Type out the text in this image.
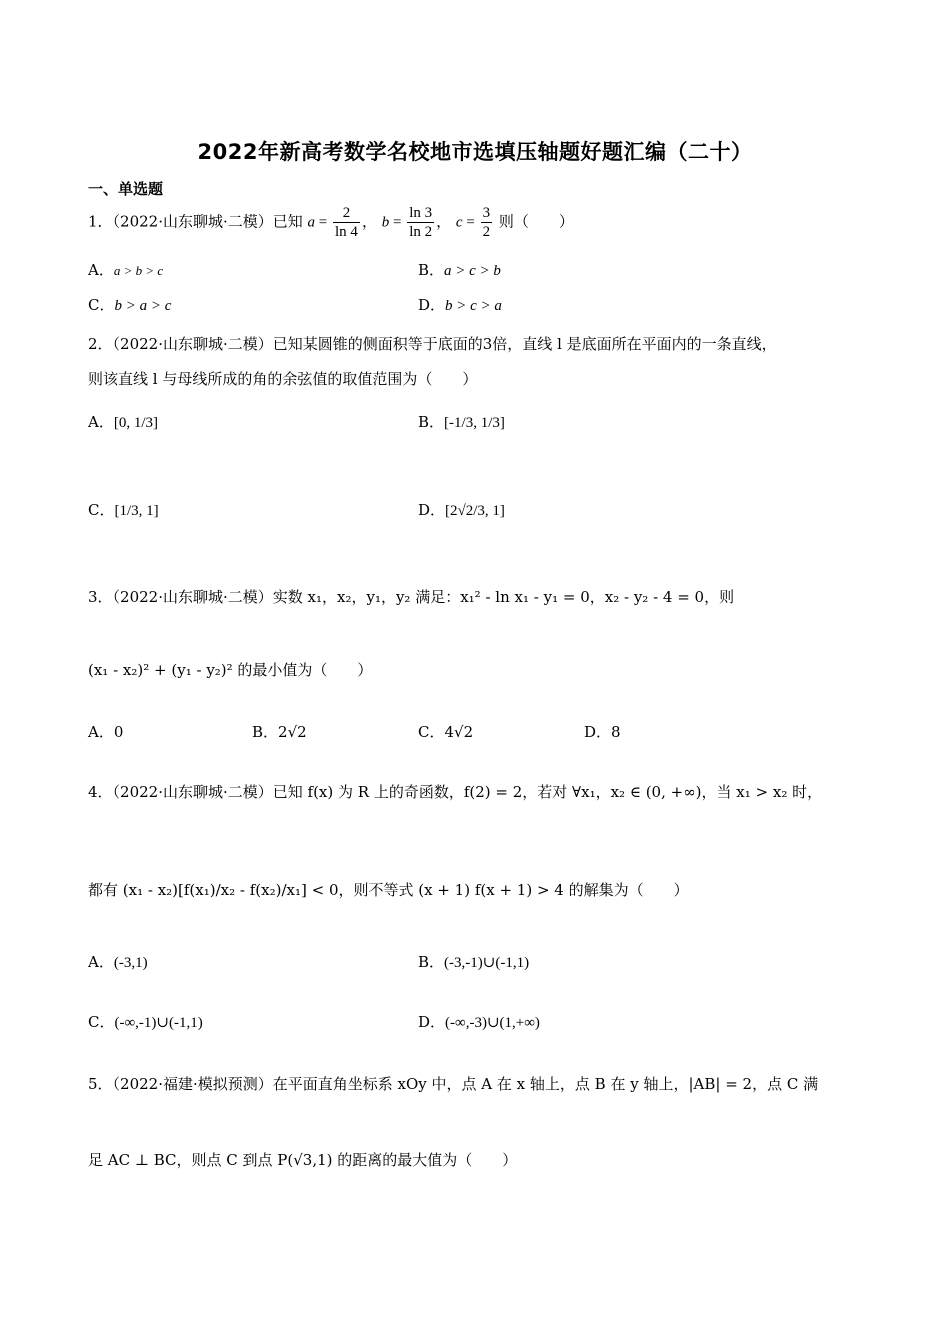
2022年新高考数学名校地市选填压轴题好题汇编（二十）
一、单选题
1．（2022·山东聊城·二模）已知 $a = \frac{2}{\ln 4}$ ， $b = \frac{\ln 3}{\ln 2}$ ， $c = \frac{3}{2}$ 则（　　）
A．a > b > c	B．a > c > b
C．b > a > c	D．b > c > a
2．（2022·山东聊城·二模）已知某圆锥的侧面积等于底面的3倍，直线 l 是底面所在平面内的一条直线，
则该直线 l 与母线所成的角的余弦值的取值范围为（　　）
A．[0, 1/3]	B．[-1/3, 1/3]
C．[1/3, 1]	D．[2√2/3, 1]
3．（2022·山东聊城·二模）实数 x₁，x₂，y₁，y₂ 满足：x₁² - ln x₁ - y₁ = 0，x₂ - y₂ - 4 = 0，则
(x₁ - x₂)² + (y₁ - y₂)² 的最小值为（　　）
A．0	B．2√2	C．4√2	D．8
4．（2022·山东聊城·二模）已知 f(x) 为 R 上的奇函数，f(2) = 2，若对 ∀x₁，x₂ ∈ (0, +∞)，当 x₁ > x₂ 时，
都有 (x₁ - x₂)[f(x₁)/x₂ - f(x₂)/x₁] < 0，则不等式 (x + 1) f(x + 1) > 4 的解集为（　　）
A．(-3,1)	B．(-3,-1)∪(-1,1)
C．(-∞,-1)∪(-1,1)	D．(-∞,-3)∪(1,+∞)
5．（2022·福建·模拟预测）在平面直角坐标系 xOy 中，点 A 在 x 轴上，点 B 在 y 轴上，|AB| = 2，点 C 满
足 AC ⊥ BC，则点 C 到点 P(√3,1) 的距离的最大值为（　　）
